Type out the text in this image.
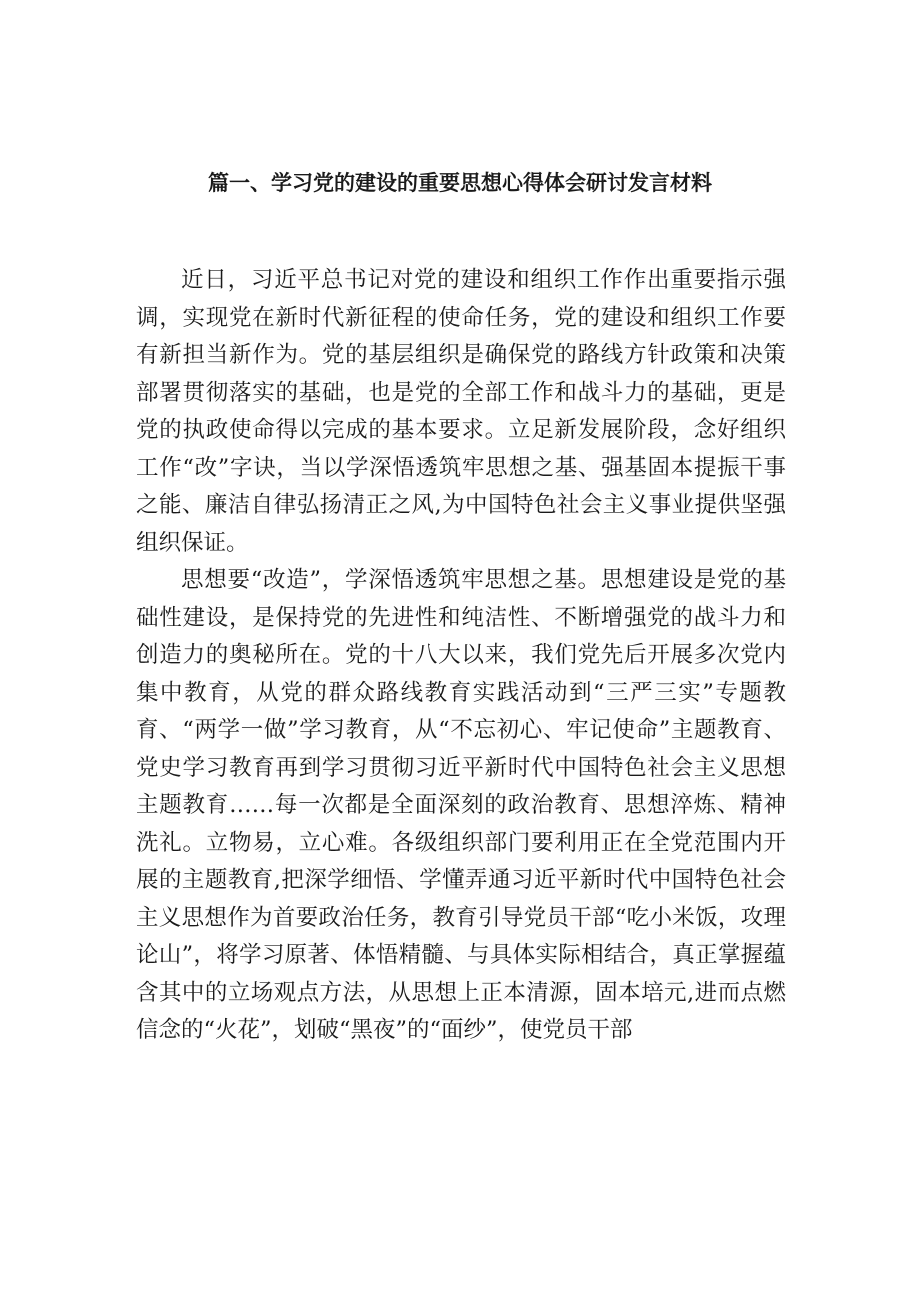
篇一、学习党的建设的重要思想心得体会研讨发言材料

近日，习近平总书记对党的建设和组织工作作出重要指示强调，实现党在新时代新征程的使命任务，党的建设和组织工作要有新担当新作为。党的基层组织是确保党的路线方针政策和决策部署贯彻落实的基础，也是党的全部工作和战斗力的基础，更是党的执政使命得以完成的基本要求。立足新发展阶段，念好组织工作“改”字诀，当以学深悟透筑牢思想之基、强基固本提振干事之能、廉洁自律弘扬清正之风,为中国特色社会主义事业提供坚强组织保证。

思想要“改造”，学深悟透筑牢思想之基。思想建设是党的基础性建设，是保持党的先进性和纯洁性、不断增强党的战斗力和创造力的奥秘所在。党的十八大以来，我们党先后开展多次党内集中教育，从党的群众路线教育实践活动到“三严三实”专题教育、“两学一做”学习教育，从“不忘初心、牢记使命”主题教育、党史学习教育再到学习贯彻习近平新时代中国特色社会主义思想主题教育……每一次都是全面深刻的政治教育、思想淬炼、精神洗礼。立物易，立心难。各级组织部门要利用正在全党范围内开展的主题教育,把深学细悟、学懂弄通习近平新时代中国特色社会主义思想作为首要政治任务，教育引导党员干部“吃小米饭，攻理论山”，将学习原著、体悟精髓、与具体实际相结合，真正掌握蕴含其中的立场观点方法，从思想上正本清源，固本培元,进而点燃信念的“火花”，划破“黑夜”的“面纱”，使党员干部
